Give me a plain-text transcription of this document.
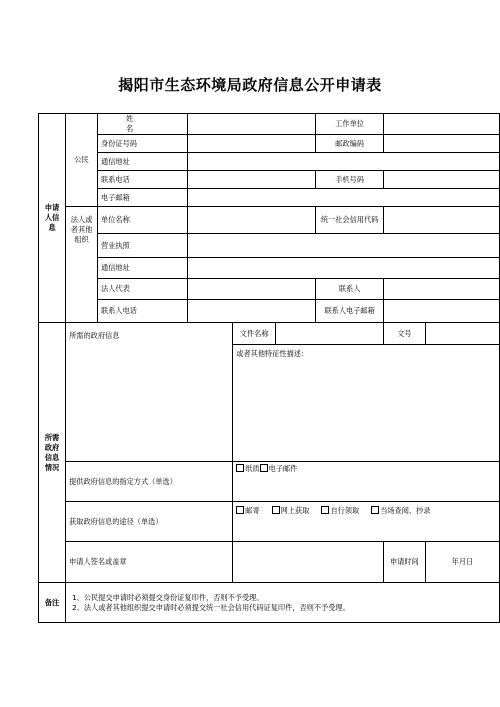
揭阳市生态环境局政府信息公开申请表
申请人信息	公民	姓　　名				工作单位		
		身份证号码				邮政编码		
		通信地址						
		联系电话				手机号码		
		电子邮箱						
	法人或者其他组织	单位名称				统一社会信用代码		
		营业执照						
		通信地址						
		法人代表				联系人		
		联系人电话				联系人电子邮箱		
所需政府信息情况	所需的政府信息			文件名称			文号	
				或者其他特征性描述：				

	提供政府信息的指定方式（单选）			纸质 电子邮件				
	获取政府信息的途径（单选）			邮寄 网上获取 自行领取 当场查阅、抄录				
	申请人签名或盖章						申请时间	年月日
备注	1、公民提交申请时必须提交身份证复印件，否则不予受理。
2、法人或者其他组织提交申请时必须提交统一社会信用代码证复印件，否则不予受理。							
